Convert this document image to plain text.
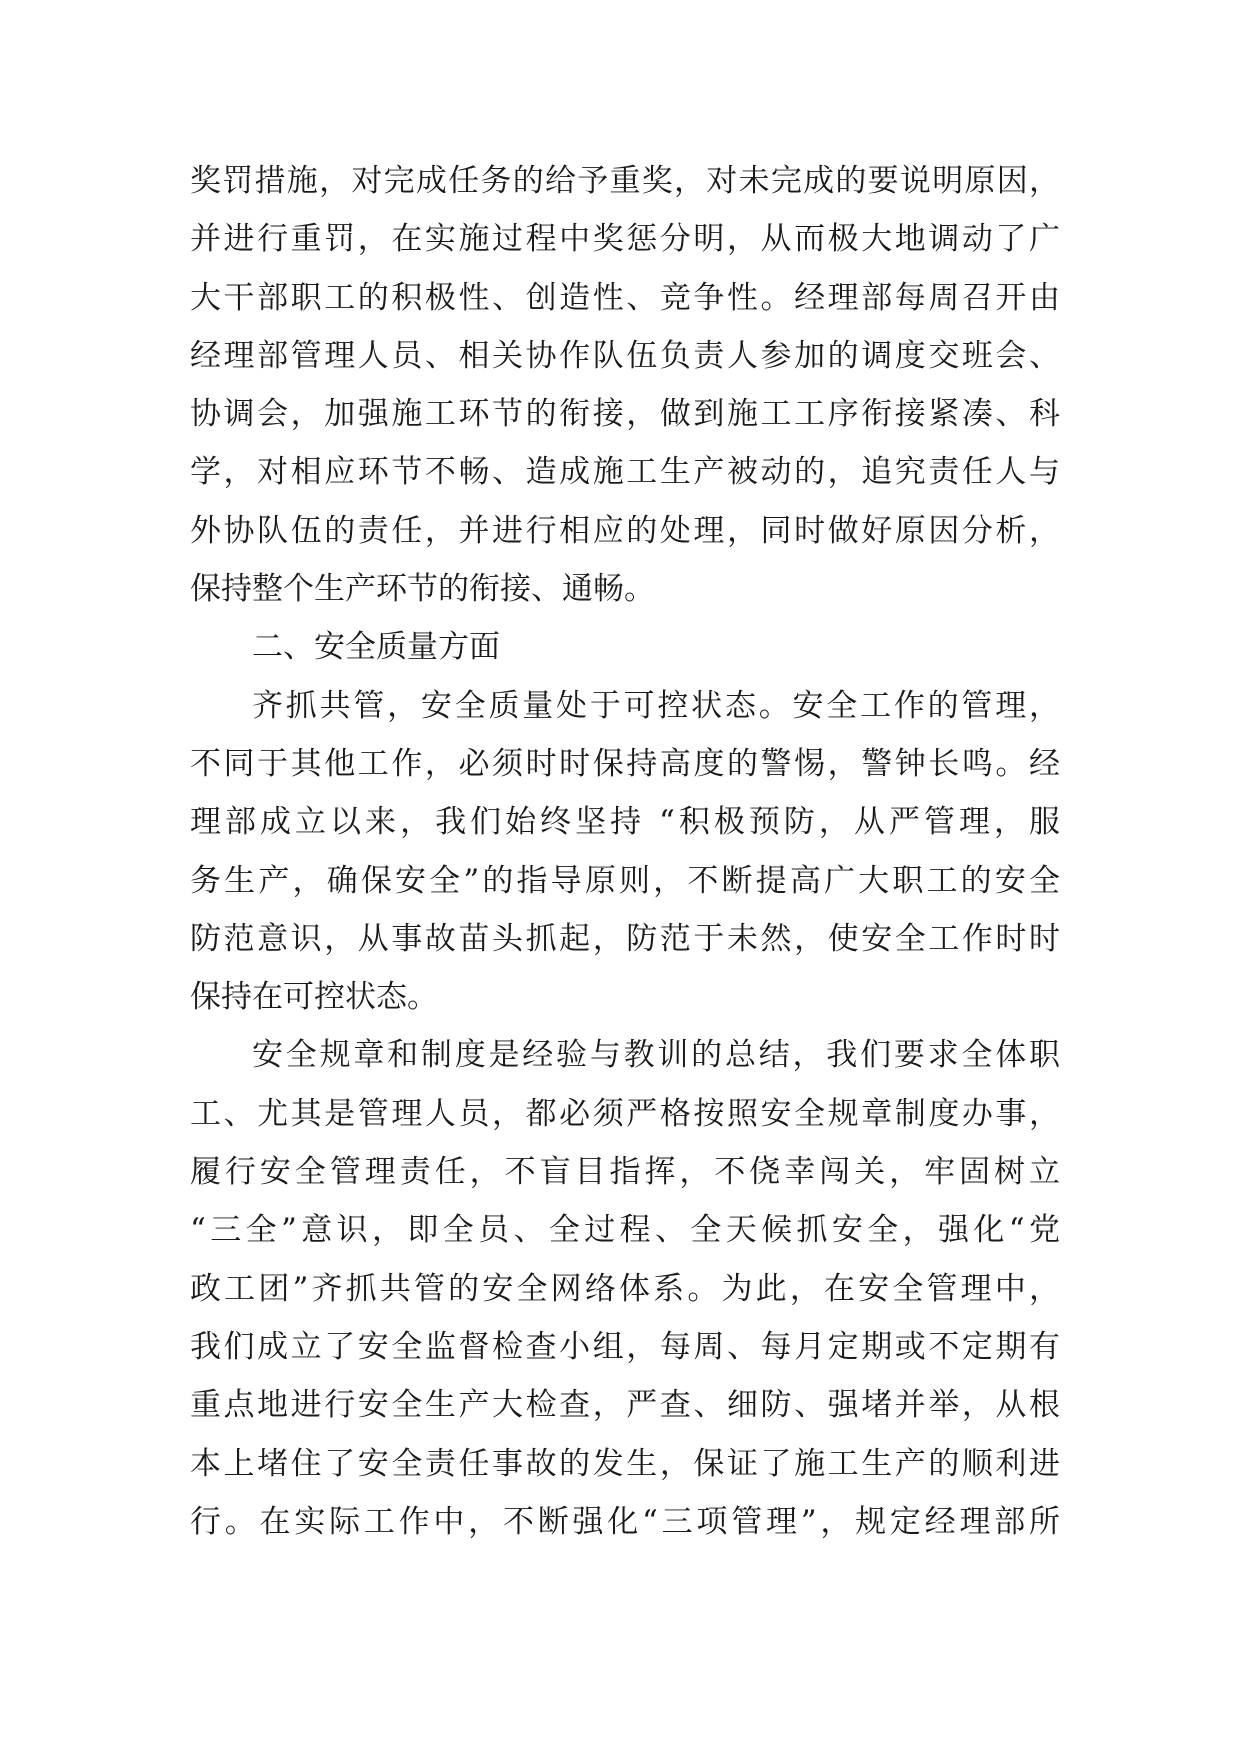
奖罚措施，对完成任务的给予重奖，对未完成的要说明原因，
并进行重罚，在实施过程中奖惩分明，从而极大地调动了广
大干部职工的积极性、创造性、竞争性。经理部每周召开由
经理部管理人员、相关协作队伍负责人参加的调度交班会、
协调会，加强施工环节的衔接，做到施工工序衔接紧凑、科
学，对相应环节不畅、造成施工生产被动的，追究责任人与
外协队伍的责任，并进行相应的处理，同时做好原因分析，
保持整个生产环节的衔接、通畅。
二、安全质量方面
齐抓共管，安全质量处于可控状态。安全工作的管理，
不同于其他工作，必须时时保持高度的警惕，警钟长鸣。经
理部成立以来，我们始终坚持 “积极预防，从严管理，服
务生产，确保安全”的指导原则，不断提高广大职工的安全
防范意识，从事故苗头抓起，防范于未然，使安全工作时时
保持在可控状态。
安全规章和制度是经验与教训的总结，我们要求全体职
工、尤其是管理人员，都必须严格按照安全规章制度办事，
履行安全管理责任，不盲目指挥，不侥幸闯关，牢固树立
“三全”意识，即全员、全过程、全天候抓安全，强化“党
政工团”齐抓共管的安全网络体系。为此，在安全管理中，
我们成立了安全监督检查小组，每周、每月定期或不定期有
重点地进行安全生产大检查，严查、细防、强堵并举，从根
本上堵住了安全责任事故的发生，保证了施工生产的顺利进
行。在实际工作中，不断强化“三项管理”，规定经理部所
